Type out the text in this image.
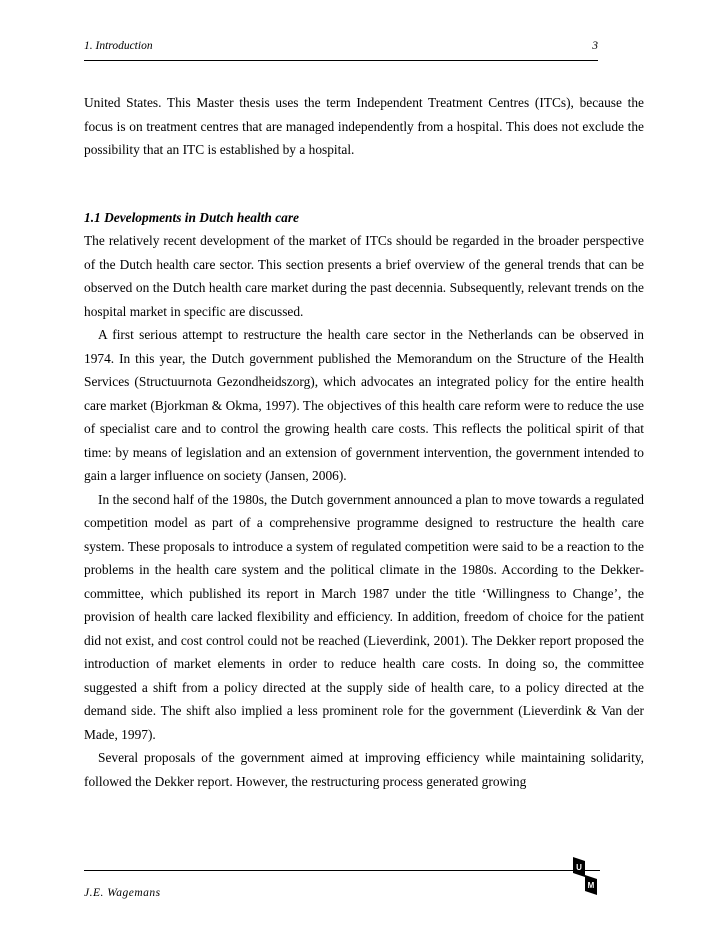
1. Introduction	3

United States. This Master thesis uses the term Independent Treatment Centres (ITCs), because the focus is on treatment centres that are managed independently from a hospital. This does not exclude the possibility that an ITC is established by a hospital.

1.1 Developments in Dutch health care

The relatively recent development of the market of ITCs should be regarded in the broader perspective of the Dutch health care sector. This section presents a brief overview of the general trends that can be observed on the Dutch health care market during the past decennia. Subsequently, relevant trends on the hospital market in specific are discussed.

A first serious attempt to restructure the health care sector in the Netherlands can be observed in 1974. In this year, the Dutch government published the Memorandum on the Structure of the Health Services (Structuurnota Gezondheidszorg), which advocates an integrated policy for the entire health care market (Bjorkman & Okma, 1997). The objectives of this health care reform were to reduce the use of specialist care and to control the growing health care costs. This reflects the political spirit of that time: by means of legislation and an extension of government intervention, the government intended to gain a larger influence on society (Jansen, 2006).

In the second half of the 1980s, the Dutch government announced a plan to move towards a regulated competition model as part of a comprehensive programme designed to restructure the health care system. These proposals to introduce a system of regulated competition were said to be a reaction to the problems in the health care system and the political climate in the 1980s. According to the Dekker-committee, which published its report in March 1987 under the title ‘Willingness to Change’, the provision of health care lacked flexibility and efficiency. In addition, freedom of choice for the patient did not exist, and cost control could not be reached (Lieverdink, 2001). The Dekker report proposed the introduction of market elements in order to reduce health care costs. In doing so, the committee suggested a shift from a policy directed at the supply side of health care, to a policy directed at the demand side. The shift also implied a less prominent role for the government (Lieverdink & Van der Made, 1997).

Several proposals of the government aimed at improving efficiency while maintaining solidarity, followed the Dekker report. However, the restructuring process generated growing

J.E. Wagemans
U
M
